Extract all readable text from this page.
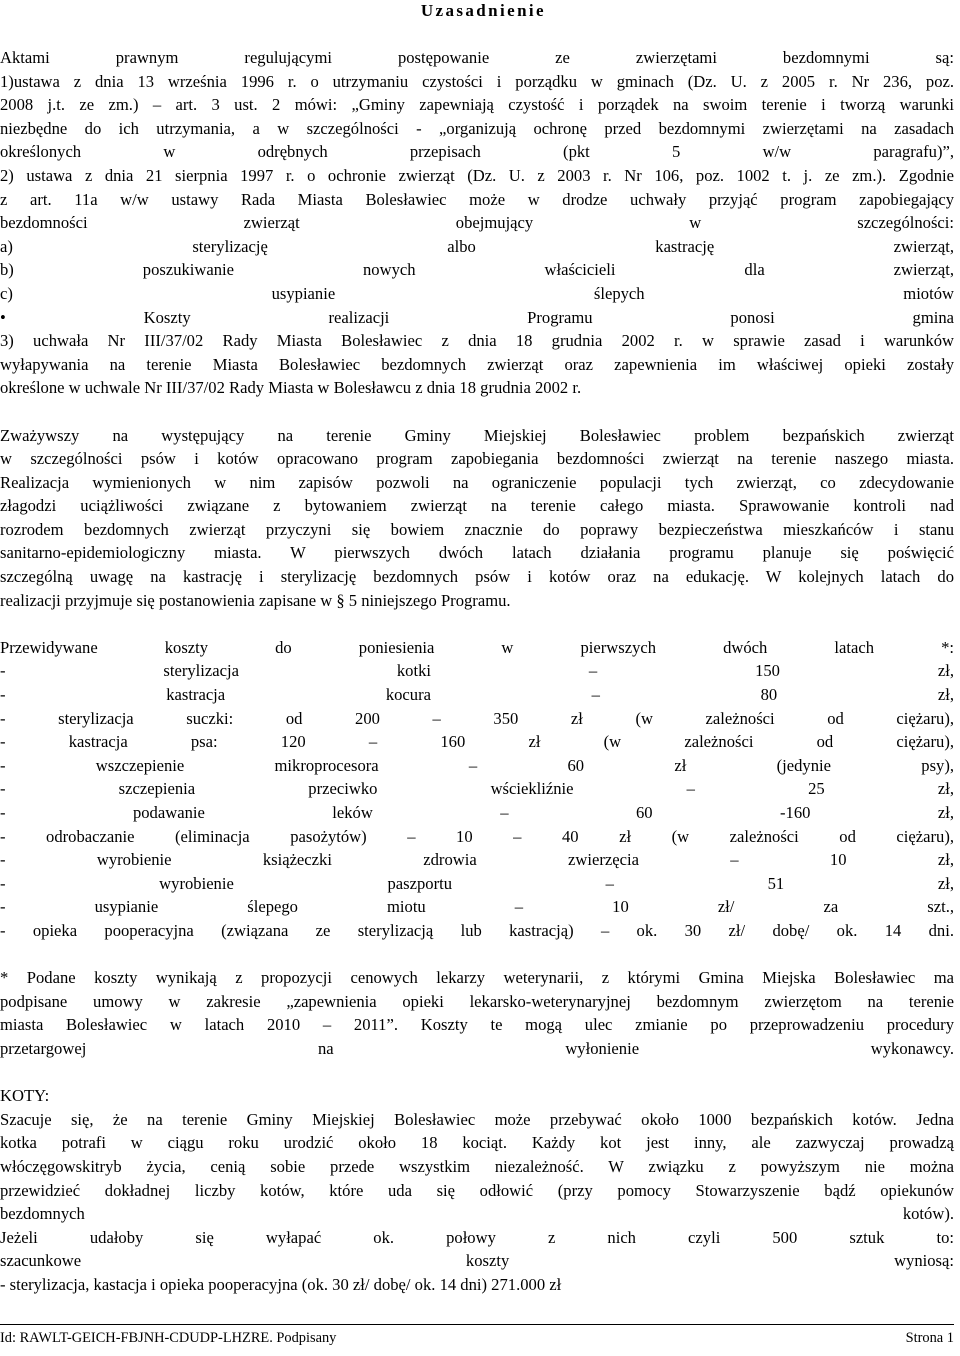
Uzasadnienie

Aktami prawnym regulującymi postępowanie ze zwierzętami bezdomnymi są:

1)ustawa z dnia 13 września 1996 r. o utrzymaniu czystości i porządku w gminach (Dz. U. z 2005 r. Nr 236, poz.

2008 j.t. ze zm.) – art. 3 ust. 2 mówi: „Gminy zapewniają czystość i porządek na swoim terenie i tworzą warunki

niezbędne do ich utrzymania, a w szczególności - „organizują ochronę przed bezdomnymi zwierzętami na zasadach

określonych w odrębnych przepisach (pkt 5 w/w paragrafu)”,

2) ustawa z dnia 21 sierpnia 1997 r. o ochronie zwierząt (Dz. U. z 2003 r. Nr 106, poz. 1002 t. j. ze zm.). Zgodnie

z art. 11a w/w ustawy Rada Miasta Bolesławiec może w drodze uchwały przyjąć program zapobiegający

bezdomności zwierząt obejmujący w szczególności:

a) sterylizację albo kastrację zwierząt,

b) poszukiwanie nowych właścicieli dla zwierząt,

c) usypianie ślepych miotów

• Koszty realizacji Programu ponosi gmina

3) uchwała Nr III/37/02 Rady Miasta Bolesławiec z dnia 18 grudnia 2002 r. w sprawie zasad i warunków

wyłapywania na terenie Miasta Bolesławiec bezdomnych zwierząt oraz zapewnienia im właściwej opieki zostały

określone w uchwale Nr III/37/02 Rady Miasta w Bolesławcu z dnia 18 grudnia 2002 r.

Zważywszy na występujący na terenie Gminy Miejskiej Bolesławiec problem bezpańskich zwierząt

w szczególności psów i kotów opracowano program zapobiegania bezdomności zwierząt na terenie naszego miasta.

Realizacja wymienionych w nim zapisów pozwoli na ograniczenie populacji tych zwierząt, co zdecydowanie

złagodzi uciążliwości związane z bytowaniem zwierząt na terenie całego miasta. Sprawowanie kontroli nad

rozrodem bezdomnych zwierząt przyczyni się bowiem znacznie do poprawy bezpieczeństwa mieszkańców i stanu

sanitarno-epidemiologiczny miasta. W pierwszych dwóch latach działania programu planuje się poświęcić

szczególną uwagę na kastrację i sterylizację bezdomnych psów i kotów oraz na edukację. W kolejnych latach do

realizacji przyjmuje się postanowienia zapisane w § 5 niniejszego Programu.

Przewidywane koszty do poniesienia w pierwszych dwóch latach *:

- sterylizacja kotki – 150 zł,

- kastracja kocura – 80 zł,

- sterylizacja suczki: od 200 – 350 zł (w zależności od ciężaru),

- kastracja psa: 120 – 160 zł (w zależności od ciężaru),

- wszczepienie mikroprocesora – 60 zł (jedynie psy),

- szczepienia przeciwko wściekliźnie – 25 zł,

- podawanie leków – 60 -160 zł,

- odrobaczanie (eliminacja pasożytów) – 10 – 40 zł (w zależności od ciężaru),

- wyrobienie książeczki zdrowia zwierzęcia – 10 zł,

- wyrobienie paszportu – 51 zł,

- usypianie ślepego miotu – 10 zł/ za szt.,

- opieka pooperacyjna (związana ze sterylizacją lub kastracją) – ok. 30 zł/ dobę/ ok. 14 dni.

* Podane koszty wynikają z propozycji cenowych lekarzy weterynarii, z którymi Gmina Miejska Bolesławiec ma

podpisane umowy w zakresie „zapewnienia opieki lekarsko-weterynaryjnej bezdomnym zwierzętom na terenie

miasta Bolesławiec w latach 2010 – 2011”. Koszty te mogą ulec zmianie po przeprowadzeniu procedury

przetargowej na wyłonienie wykonawcy.

KOTY:

Szacuje się, że na terenie Gminy Miejskiej Bolesławiec może przebywać około 1000 bezpańskich kotów. Jedna

kotka potrafi w ciągu roku urodzić około 18 kociąt. Każdy kot jest inny, ale zazwyczaj prowadzą

włóczęgowskitryb życia, cenią sobie przede wszystkim niezależność. W związku z powyższym nie można

przewidzieć dokładnej liczby kotów, które uda się odłowić (przy pomocy Stowarzyszenie bądź opiekunów

bezdomnych kotów).

Jeżeli udałoby się wyłapać ok. połowy z nich czyli 500 sztuk to:

szacunkowe koszty wyniosą:

- sterylizacja, kastacja i opieka pooperacyjna (ok. 30 zł/ dobę/ ok. 14 dni) 271.000 zł

Id: RAWLT-GEICH-FBJNH-CDUDP-LHZRE. Podpisany	Strona 1
